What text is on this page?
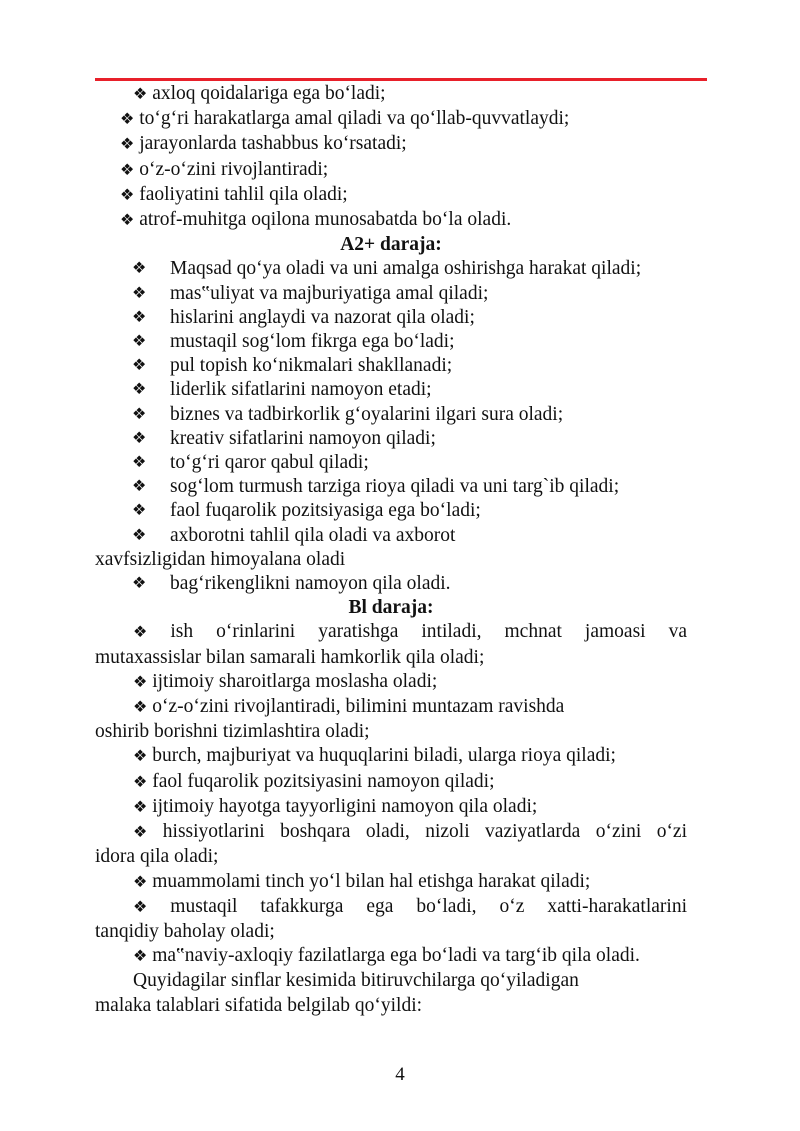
❖ axloq qoidalariga ega bo‘ladi;
❖ to‘g‘ri harakatlarga amal qiladi va qo‘llab-quvvatlaydi;
❖ jarayonlarda tashabbus ko‘rsatadi;
❖ o‘z-o‘zini rivojlantiradi;
❖ faoliyatini tahlil qila oladi;
❖ atrof-muhitga oqilona munosabatda bo‘la oladi.
A2+ daraja:
❖ Maqsad qo‘ya oladi va uni amalga oshirishga harakat qiladi;
❖ mas‟uliyat va majburiyatiga amal qiladi;
❖ hislarini anglaydi va nazorat qila oladi;
❖ mustaqil sog‘lom fikrga ega bo‘ladi;
❖ pul topish ko‘nikmalari shakllanadi;
❖ liderlik sifatlarini namoyon etadi;
❖ biznes va tadbirkorlik g‘oyalarini ilgari sura oladi;
❖ kreativ sifatlarini namoyon qiladi;
❖ to‘g‘ri qaror qabul qiladi;
❖ sog‘lom turmush tarziga rioya qiladi va uni targ`ib qiladi;
❖ faol fuqarolik pozitsiyasiga ega bo‘ladi;
❖ axborotni tahlil qila oladi va axborot
xavfsizligidan himoyalana oladi
❖ bag‘rikenglikni namoyon qila oladi.
Bl daraja:
❖ ish o‘rinlarini yaratishga intiladi, mchnat jamoasi va
mutaxassislar bilan samarali hamkorlik qila oladi;
❖ ijtimoiy sharoitlarga moslasha oladi;
❖ o‘z-o‘zini rivojlantiradi, bilimini muntazam ravishda
oshirib borishni tizimlashtira oladi;
❖ burch, majburiyat va huquqlarini biladi, ularga rioya qiladi;
❖ faol fuqarolik pozitsiyasini namoyon qiladi;
❖ ijtimoiy hayotga tayyorligini namoyon qila oladi;
❖ hissiyotlarini boshqara oladi, nizoli vaziyatlarda o‘zini o‘zi
idora qila oladi;
❖ muammolami tinch yo‘l bilan hal etishga harakat qiladi;
❖ mustaqil tafakkurga ega bo‘ladi, o‘z xatti-harakatlarini
tanqidiy baholay oladi;
❖ ma‟naviy-axloqiy fazilatlarga ega bo‘ladi va targ‘ib qila oladi.
Quyidagilar sinflar kesimida bitiruvchilarga qo‘yiladigan
malaka talablari sifatida belgilab qo‘yildi:
4
